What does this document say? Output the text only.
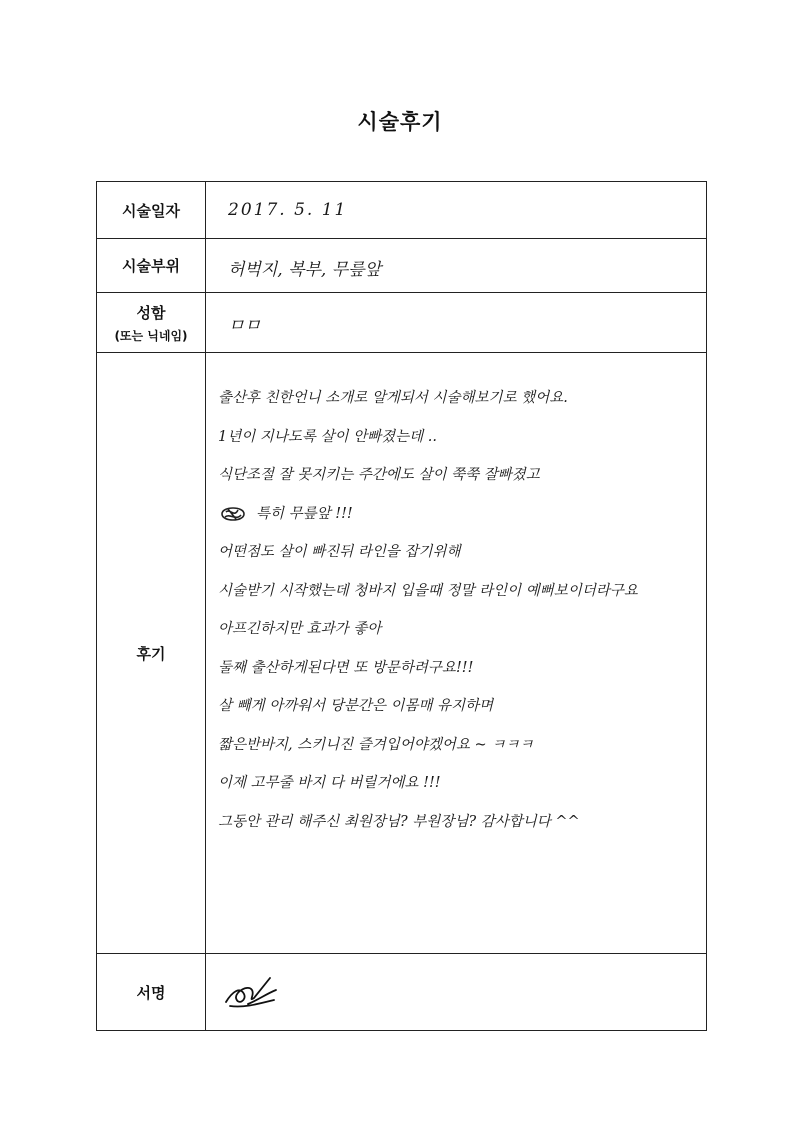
시술후기
시술일자	2017. 5. 11
시술부위	허벅지, 복부, 무릎앞
성함
(또는 닉네임) ㅁㅁ
후기
출산후 친한언니 소개로 알게되서 시술해보기로 했어요.
1년이 지나도록 살이 안빠졌는데 ..
식단조절 잘 못지키는 주간에도 살이 쭉쭉 잘빠졌고
특히 무릎앞 !!!
어떤점도 살이 빠진뒤 라인을 잡기위해
시술받기 시작했는데 청바지 입을때 정말 라인이 예뻐보이더라구요
아프긴하지만 효과가 좋아
둘째 출산하게된다면 또 방문하려구요!!!
살 빼게 아까워서 당분간은 이몸매 유지하며
짧은반바지, 스키니진 즐겨입어야겠어요 ~ ㅋㅋㅋ
이제 고무줄 바지 다 버릴거에요 !!!
그동안 관리 해주신 최원장님? 부원장님? 감사합니다 ^^
서명
